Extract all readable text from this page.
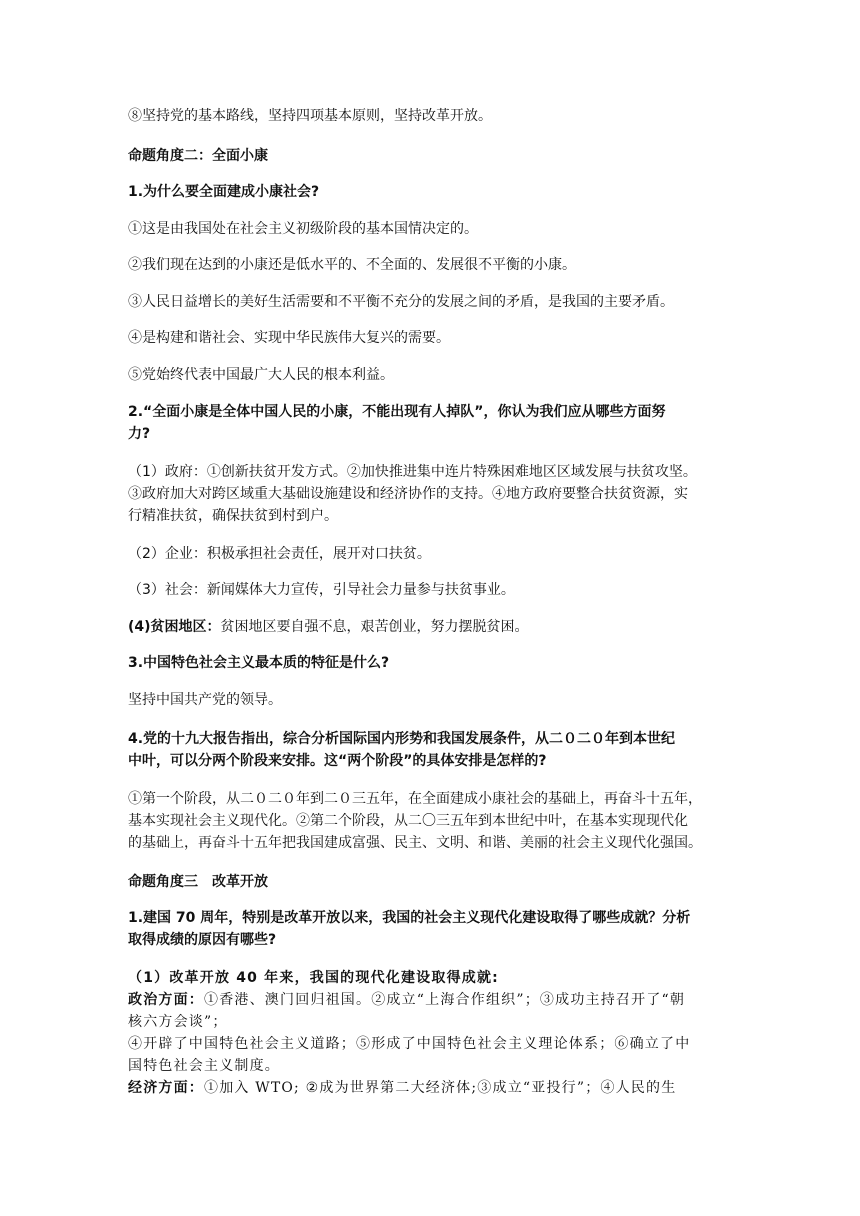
⑧坚持党的基本路线，坚持四项基本原则，坚持改革开放。

命题角度二：全面小康

1.为什么要全面建成小康社会?

①这是由我国处在社会主义初级阶段的基本国情决定的。

②我们现在达到的小康还是低水平的、不全面的、发展很不平衡的小康。

③人民日益增长的美好生活需要和不平衡不充分的发展之间的矛盾，是我国的主要矛盾。

④是构建和谐社会、实现中华民族伟大复兴的需要。

⑤党始终代表中国最广大人民的根本利益。

2.“全面小康是全体中国人民的小康，不能出现有人掉队”，你认为我们应从哪些方面努
力?

（1）政府：①创新扶贫开发方式。②加快推进集中连片特殊困难地区区域发展与扶贫攻坚。
③政府加大对跨区域重大基础设施建设和经济协作的支持。④地方政府要整合扶贫资源，实
行精准扶贫，确保扶贫到村到户。

（2）企业：积极承担社会责任，展开对口扶贫。

（3）社会：新闻媒体大力宣传，引导社会力量参与扶贫事业。

(4)贫困地区：贫困地区要自强不息，艰苦创业，努力摆脱贫困。

3.中国特色社会主义最本质的特征是什么?

坚持中国共产党的领导。

4.党的十九大报告指出，综合分析国际国内形势和我国发展条件，从二０二０年到本世纪
中叶，可以分两个阶段来安排。这“两个阶段”的具体安排是怎样的?

①第一个阶段，从二０二０年到二０三五年，在全面建成小康社会的基础上，再奋斗十五年，
基本实现社会主义现代化。②第二个阶段，从二〇三五年到本世纪中叶，在基本实现现代化
的基础上，再奋斗十五年把我国建成富强、民主、文明、和谐、美丽的社会主义现代化强国。

命题角度三　改革开放

1.建国 70 周年，特别是改革开放以来，我国的社会主义现代化建设取得了哪些成就？分析
取得成绩的原因有哪些?

（1）改革开放 40 年来，我国的现代化建设取得成就:

政治方面：①香港、澳门回归祖国。②成立“上海合作组织”；③成功主持召开了“朝
核六方会谈”；
④开辟了中国特色社会主义道路；⑤形成了中国特色社会主义理论体系；⑥确立了中
国特色社会主义制度。

经济方面：①加入 WTO; ②成为世界第二大经济体;③成立“亚投行”；④人民的生
